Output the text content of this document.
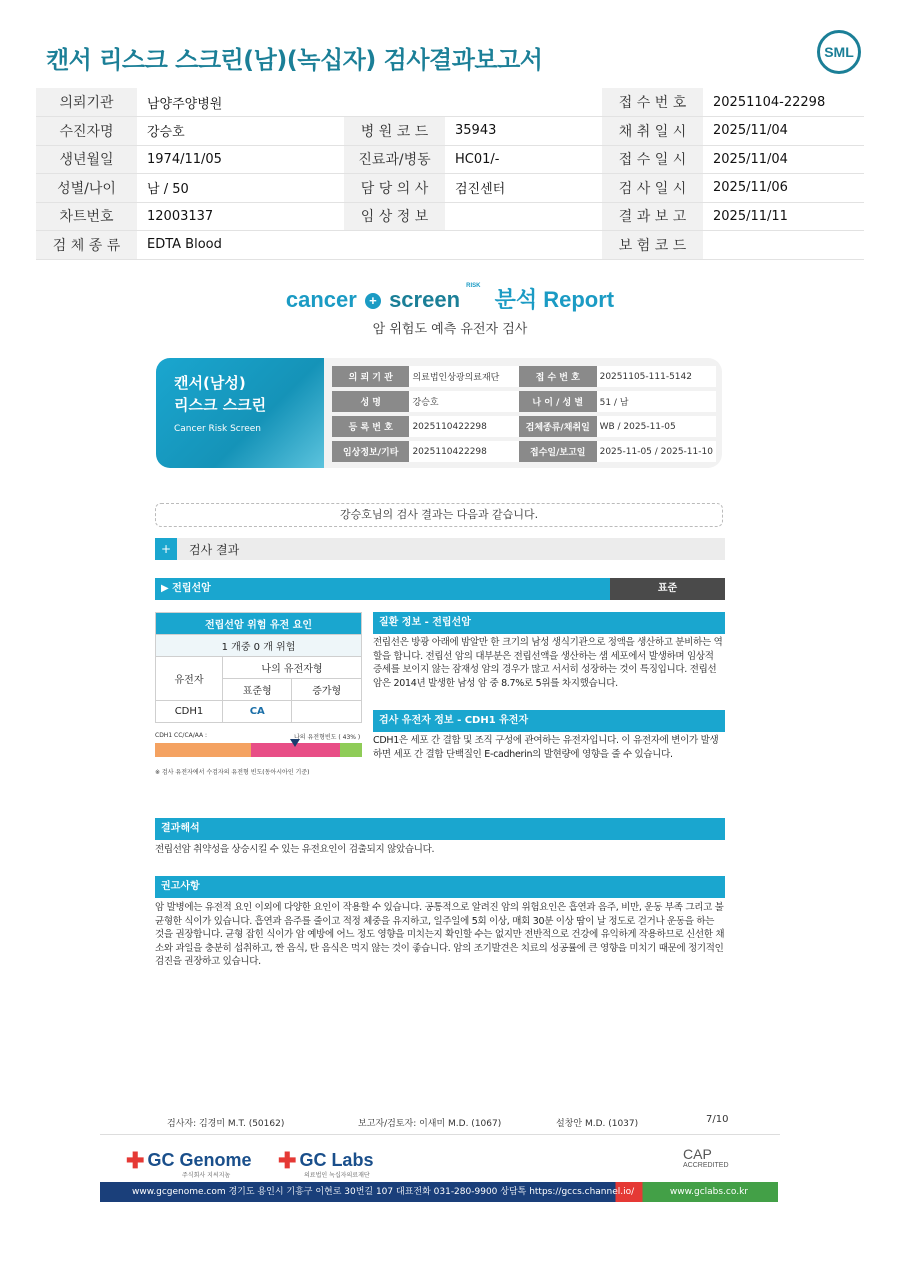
캔서 리스크 스크린(남)(녹십자) 검사결과보고서	SML
의뢰기관	남양주양병원			접 수 번 호	20251104-22298
수진자명	강승호	병 원 코 드	35943	채 취 일 시	2025/11/04
생년월일	1974/11/05	진료과/병동	HC01/-	접 수 일 시	2025/11/04
성별/나이	남 / 50	담 당 의 사	검진센터	검 사 일 시	2025/11/06
차트번호	12003137	임 상 정 보		결 과 보 고	2025/11/11
검 체 종 류	EDTA Blood			보 험 코 드	
cancer + screen $^{RISK}$ 분석 Report
암 위험도 예측 유전자 검사
캔서(남성)
리스크 스크린
Cancer Risk Screen
의 뢰 기 관	의료법인상광의료재단	접 수 번 호	20251105-111-5142
성 명	강승호	나 이 / 성 별	51 / 남
등 록 번 호	2025110422298	검체종류/채취일	WB / 2025-11-05
임상정보/기타	2025110422298	접수일/보고일	2025-11-05 / 2025-11-10
강승호님의 검사 결과는 다음과 같습니다.
+	검사 결과
▶ 전립선암	표준
전립선암 위험 유전 요인		
1 개중 0 개 위험		
유전자	나의 유전자형	
	표준형	증가형
CDH1	CA	
CDH1 CC/CA/AA :	나의 유전형빈도 ( 43% )
※ 검사 유전자에서 수검자의 유전형 빈도(동아시아인 기준)
질환 정보 - 전립선암
전립선은 방광 아래에 밤알만 한 크기의 남성 생식기관으로 정액을 생산하고 분비하는 역할을 합니다. 전립선 암의 대부분은 전립선액을 생산하는 샘 세포에서 발생하며 임상적 증세를 보이지 않는 잠재성 암의 경우가 많고 서서히 성장하는 것이 특징입니다. 전립선암은 2014년 발생한 남성 암 중 8.7%로 5위를 차지했습니다.
검사 유전자 정보 - CDH1 유전자
CDH1은 세포 간 결합 및 조직 구성에 관여하는 유전자입니다. 이 유전자에 변이가 발생하면 세포 간 결합 단백질인 E-cadherin의 발현량에 영향을 줄 수 있습니다.
결과해석
전립선암 취약성을 상승시킬 수 있는 유전요인이 검출되지 않았습니다.
권고사항
암 발병에는 유전적 요인 이외에 다양한 요인이 작용할 수 있습니다. 공통적으로 알려진 암의 위험요인은 흡연과 음주, 비만, 운동 부족 그리고 불균형한 식이가 있습니다. 흡연과 음주를 줄이고 적정 체중을 유지하고, 일주일에 5회 이상, 매회 30분 이상 땀이 날 정도로 걷거나 운동을 하는 것을 권장합니다. 균형 잡힌 식이가 암 예방에 어느 정도 영향을 미치는지 확인할 수는 없지만 전반적으로 건강에 유익하게 작용하므로 신선한 채소와 과일을 충분히 섭취하고, 짠 음식, 탄 음식은 먹지 않는 것이 좋습니다. 암의 조기발견은 치료의 성공률에 큰 영향을 미치기 때문에 정기적인 검진을 권장하고 있습니다.
검사자: 김경미 M.T. (50162)	보고자/검토자: 이새미 M.D. (1067)	설창안 M.D. (1037)	7/10
✚ GC Genome
주식회사 지씨지놈
✚ GC Labs
의료법인 녹십자의료재단
CAP
ACCREDITED
www.gcgenome.com 경기도 용인시 기흥구 이현로 30번길 107 대표전화 031-280-9900 상담톡 https://gccs.channel.io/	www.gclabs.co.kr
